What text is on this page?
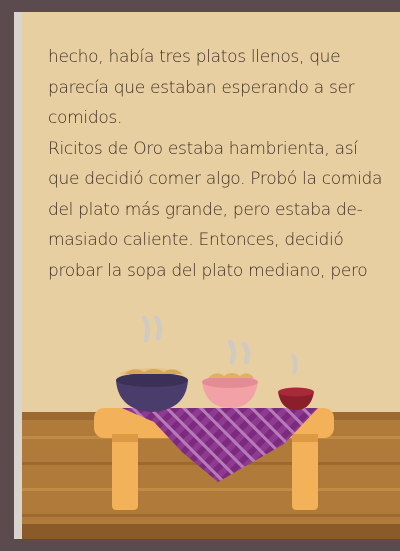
hecho, había tres platos llenos, que
parecía que estaban esperando a ser
comidos.
Ricitos de Oro estaba hambrienta, así
que decidió comer algo. Probó la comida
del plato más grande, pero estaba de-
masiado caliente. Entonces, decidió
probar la sopa del plato mediano, pero
